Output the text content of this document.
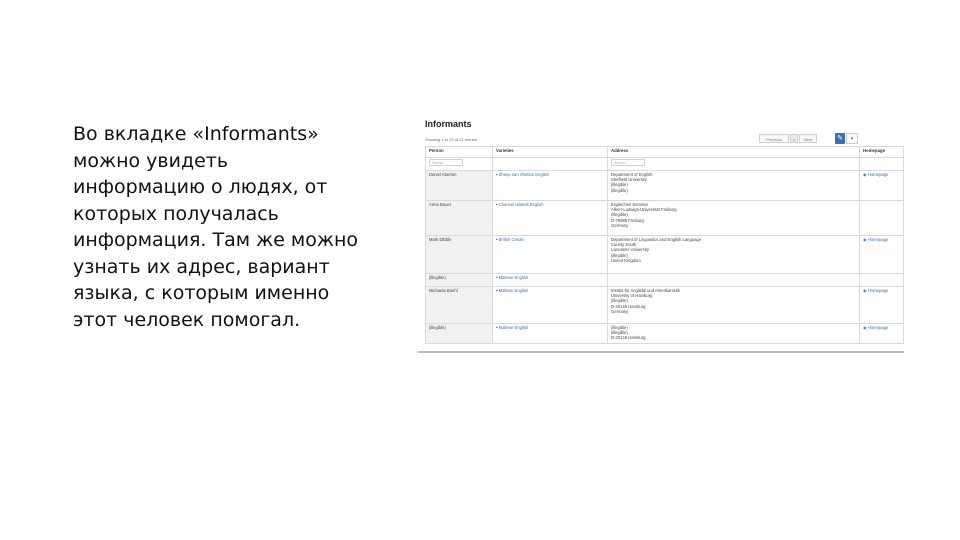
Во вкладке «Informants»
можно увидеть
информацию о людях, от
которых получалась
информация. Там же можно
узнать их адрес, вариант
языка, с которым именно
этот человек помогал.
Informants
Showing 1 to 20 of 21 entries	Previous	1	Next	✎	▾
Person	Varieties	Address	Homepage

Search		Search	

Daniel Aberton	• Sheep san Shetlan English	Department of English
Sheffield University
(illegible)
(illegible)	◉ Homepage
Anna Bauer	• Channel Islands English	Englisches Seminar
Albert-Ludwigs-Universität Freiburg
(illegible)
D-79085 Freiburg
Germany	

Mark Dibble	• British Creole	Department of Linguistics and English Language
County South
Lancaster University
(illegible)
United Kingdom	◉ Homepage
(illegible)	• Maltese English		
Michaela Boehl	• Maltese English	Institut für Anglistik und Amerikanistik
University of Hamburg
(illegible)
D-20146 Hamburg
Germany	◉ Homepage
(illegible)	• Maltese English	(illegible)
(illegible)
D-20146 Hamburg	◉ Homepage
